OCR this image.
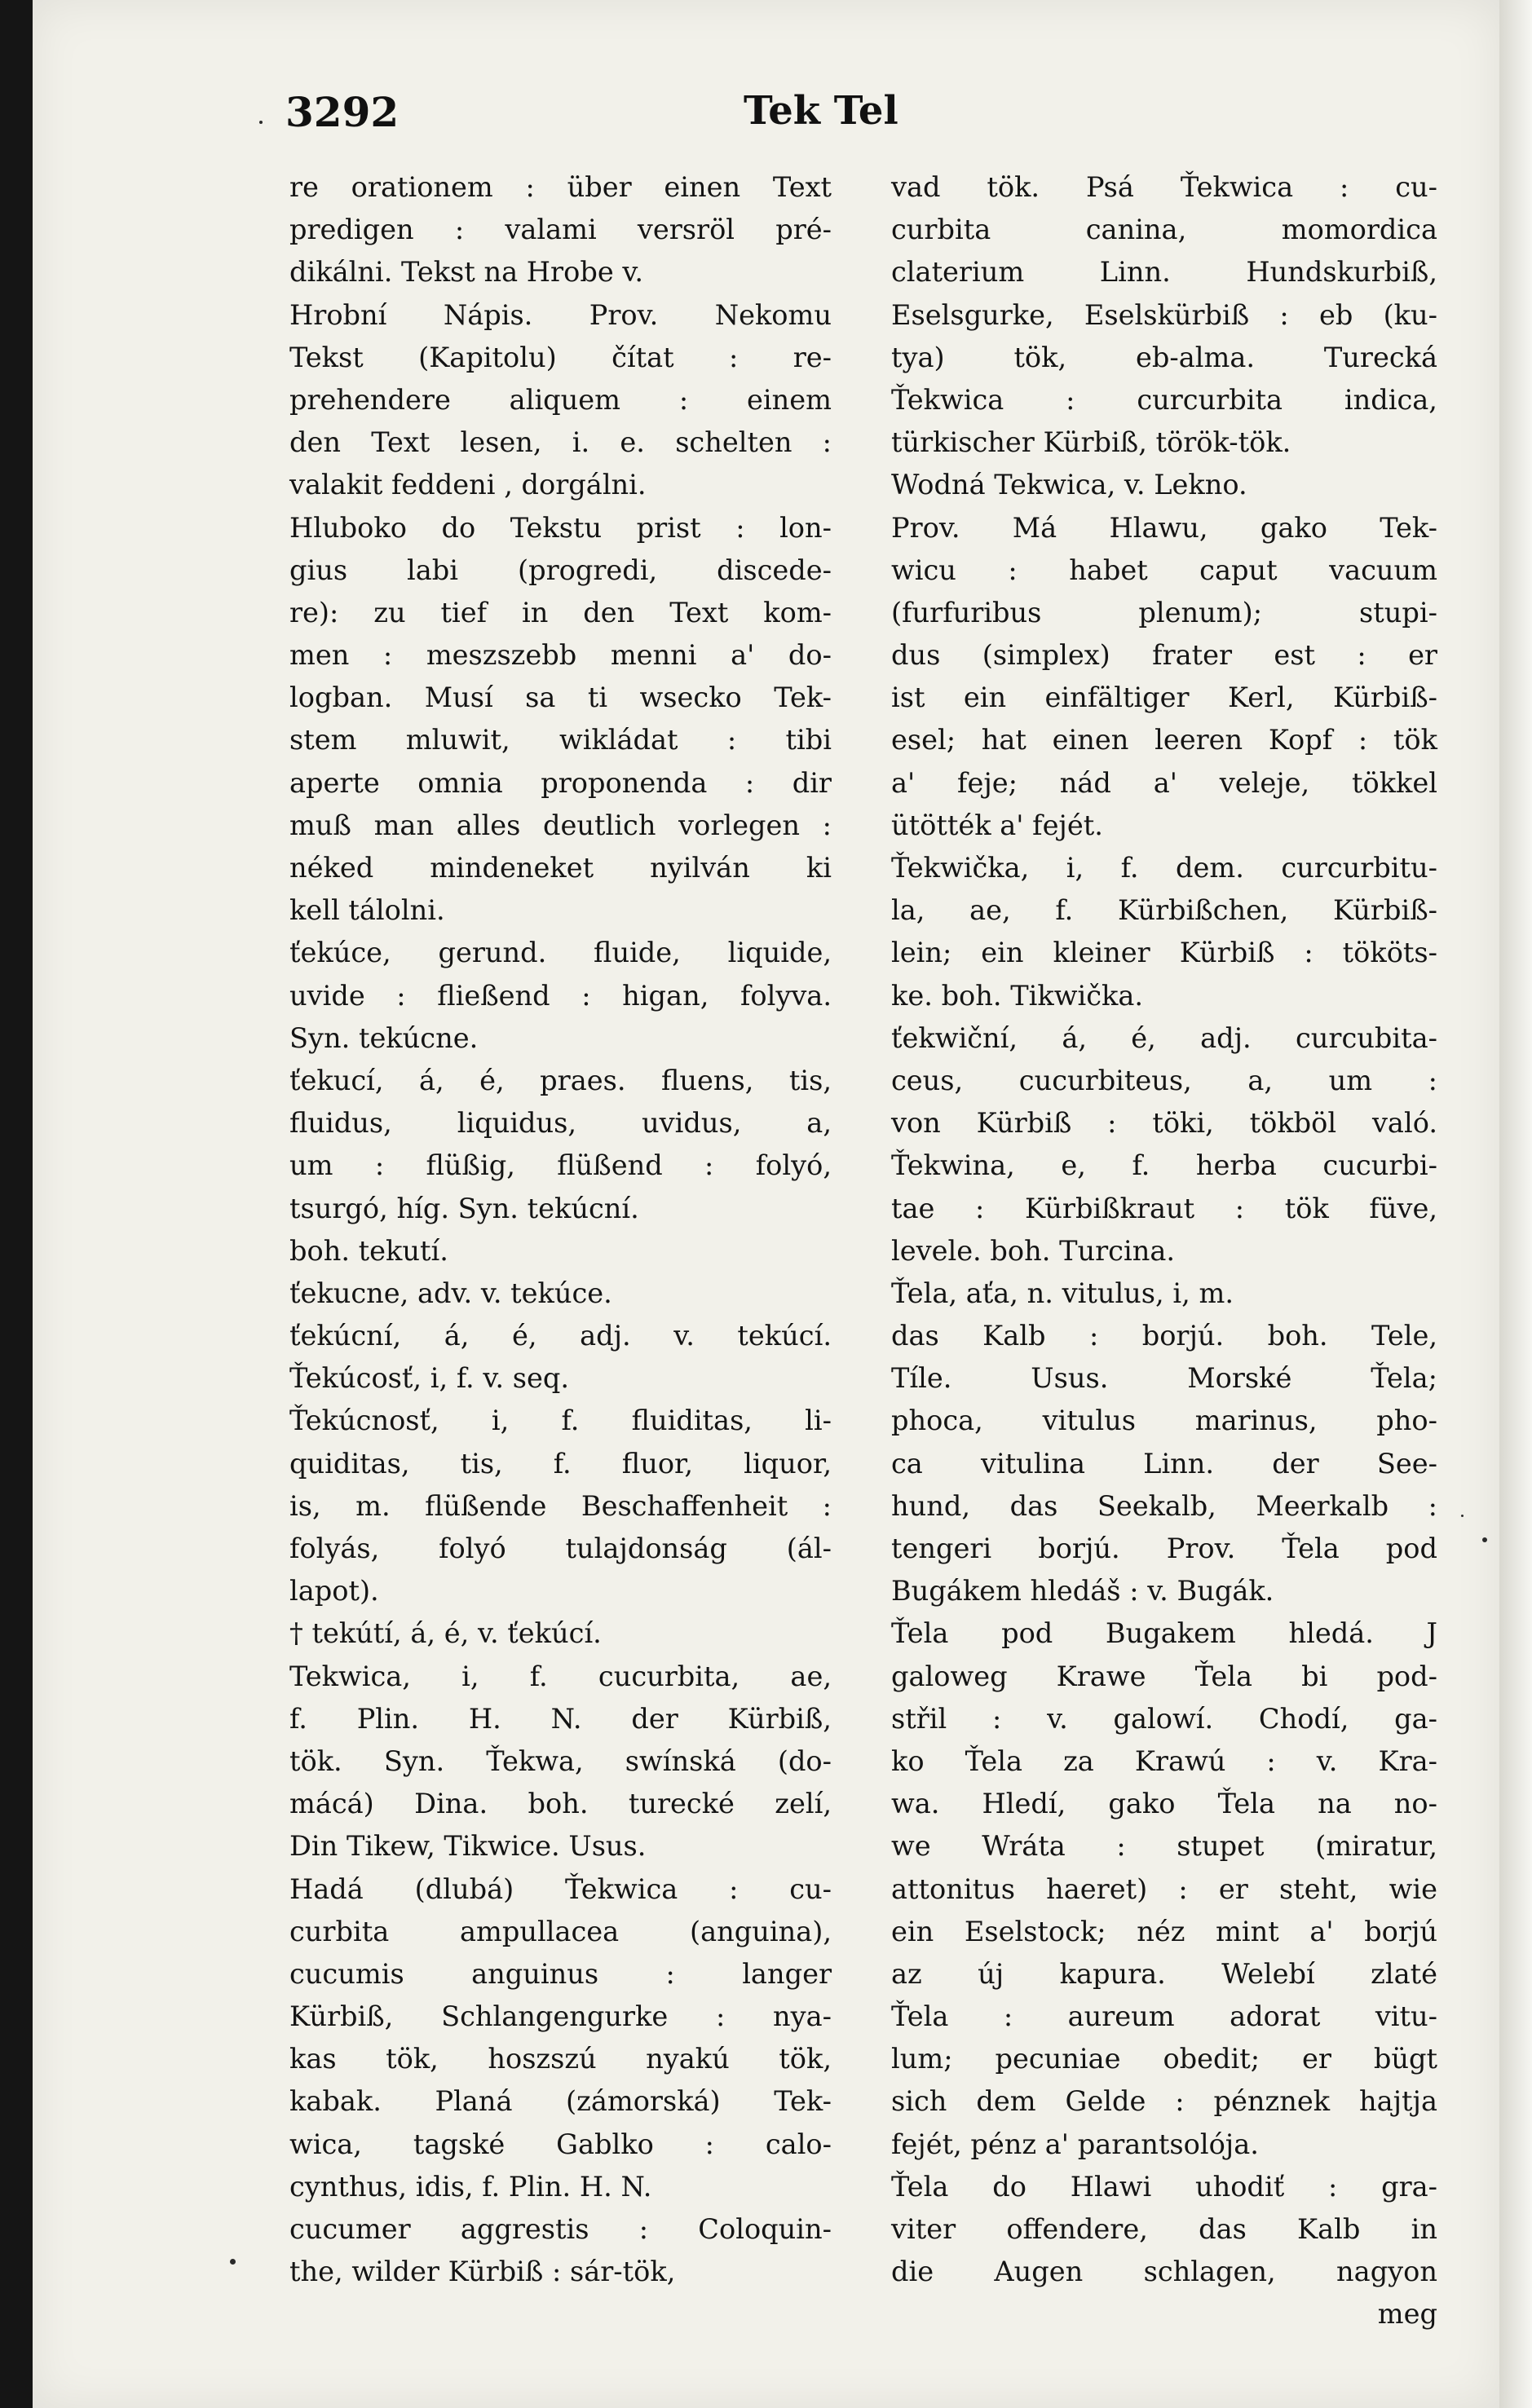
3292	Tek Tel
re orationem : über einen Text
predigen : valami versröl pré-
dikálni. Tekst na Hrobe v.
Hrobní Nápis. Prov. Nekomu
Tekst (Kapitolu) čítat : re-
prehendere aliquem : einem
den Text lesen, i. e. schelten :
valakit feddeni , dorgálni.
Hluboko do Tekstu prist : lon-
gius labi (progredi, discede-
re): zu tief in den Text kom-
men : meszszebb menni a' do-
logban. Musí sa ti wsecko Tek-
stem mluwit, wikládat : tibi
aperte omnia proponenda : dir
muß man alles deutlich vorlegen :
néked mindeneket nyilván ki
kell tálolni.
ťekúce, gerund. fluide, liquide,
uvide : fließend : higan, folyva.
Syn. tekúcne.
ťekucí, á, é, praes. fluens, tis,
fluidus, liquidus, uvidus, a,
um : flüßig, flüßend : folyó,
tsurgó, híg. Syn. tekúcní.
boh. tekutí.
ťekucne, adv. v. tekúce.
ťekúcní, á, é, adj. v. tekúcí.
Ťekúcosť, i, f. v. seq.
Ťekúcnosť, i, f. fluiditas, li-
quiditas, tis, f. fluor, liquor,
is, m. flüßende Beschaffenheit :
folyás, folyó tulajdonság (ál-
lapot).
† tekútí, á, é, v. ťekúcí.
Tekwica, i, f. cucurbita, ae,
f. Plin. H. N. der Kürbiß,
tök. Syn. Ťekwa, swínská (do-
mácá) Dina. boh. turecké zelí,
Din Tikew, Tikwice. Usus.
Hadá (dlubá) Ťekwica : cu-
curbita ampullacea (anguina),
cucumis anguinus : langer
Kürbiß, Schlangengurke : nya-
kas tök, hoszszú nyakú tök,
kabak. Planá (zámorská) Tek-
wica, tagské Gablko : calo-
cynthus, idis, f. Plin. H. N.
cucumer aggrestis : Coloquin-
the, wilder Kürbiß : sár-tök,
vad tök. Psá Ťekwica : cu-
curbita canina, momordica
claterium Linn. Hundskurbiß,
Eselsgurke, Eselskürbiß : eb (ku-
tya) tök, eb-alma. Turecká
Ťekwica : curcurbita indica,
türkischer Kürbiß, török-tök.
Wodná Tekwica, v. Lekno.
Prov. Má Hlawu, gako Tek-
wicu : habet caput vacuum
(furfuribus plenum); stupi-
dus (simplex) frater est : er
ist ein einfältiger Kerl, Kürbiß-
esel; hat einen leeren Kopf : tök
a' feje; nád a' veleje, tökkel
ütötték a' fejét.
Ťekwička, i, f. dem. curcurbitu-
la, ae, f. Kürbißchen, Kürbiß-
lein; ein kleiner Kürbiß : tököts-
ke. boh. Tikwička.
ťekwiční, á, é, adj. curcubita-
ceus, cucurbiteus, a, um :
von Kürbiß : töki, tökböl való.
Ťekwina, e, f. herba cucurbi-
tae : Kürbißkraut : tök füve,
levele. boh. Turcina.
Ťela, aťa, n. vitulus, i, m.
das Kalb : borjú. boh. Tele,
Tíle. Usus. Morské Ťela;
phoca, vitulus marinus, pho-
ca vitulina Linn. der See-
hund, das Seekalb, Meerkalb :
tengeri borjú. Prov. Ťela pod
Bugákem hledáš : v. Bugák.
Ťela pod Bugakem hledá. J
galoweg Krawe Ťela bi pod-
střil : v. galowí. Chodí, ga-
ko Ťela za Krawú : v. Kra-
wa. Hledí, gako Ťela na no-
we Wráta : stupet (miratur,
attonitus haeret) : er steht, wie
ein Eselstock; néz mint a' borjú
az új kapura. Welebí zlaté
Ťela : aureum adorat vitu-
lum; pecuniae obedit; er bügt
sich dem Gelde : pénznek hajtja
fejét, pénz a' parantsolója.
Ťela do Hlawi uhodiť : gra-
viter offendere, das Kalb in
die Augen schlagen, nagyon
meg
